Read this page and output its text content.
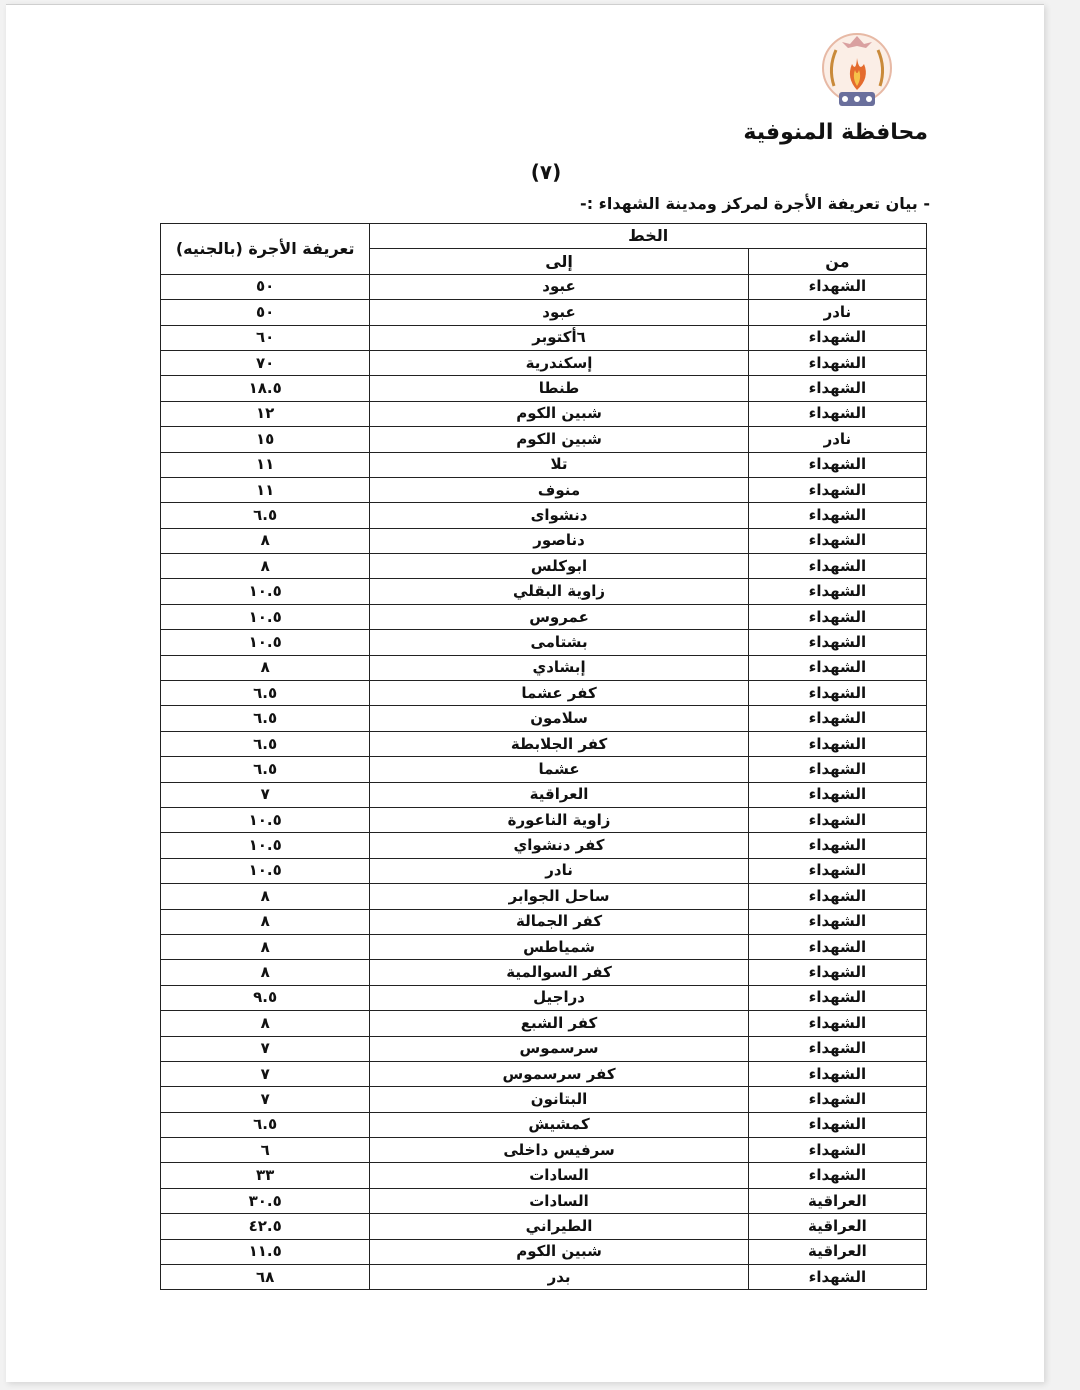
محافظة المنوفية
(٧)
- بيان تعريفة الأجرة لمركز ومدينة الشهداء :-
الخط		تعريفة الأجرة (بالجنيه)
من	إلى	
الشهداء	عبود	٥٠
نادر	عبود	٥٠
الشهداء	٦أكتوبر	٦٠
الشهداء	إسكندرية	٧٠
الشهداء	طنطا	١٨.٥
الشهداء	شبين الكوم	١٢
نادر	شبين الكوم	١٥
الشهداء	تلا	١١
الشهداء	منوف	١١
الشهداء	دنشواى	٦.٥
الشهداء	دناصور	٨
الشهداء	ابوكلس	٨
الشهداء	زاوية البقلي	١٠.٥
الشهداء	عمروس	١٠.٥
الشهداء	بشتامى	١٠.٥
الشهداء	إبشادي	٨
الشهداء	كفر عشما	٦.٥
الشهداء	سلامون	٦.٥
الشهداء	كفر الجلابطة	٦.٥
الشهداء	عشما	٦.٥
الشهداء	العراقية	٧
الشهداء	زاوية الناعورة	١٠.٥
الشهداء	كفر دنشواي	١٠.٥
الشهداء	نادر	١٠.٥
الشهداء	ساحل الجوابر	٨
الشهداء	كفر الجمالة	٨
الشهداء	شمياطس	٨
الشهداء	كفر السوالمية	٨
الشهداء	دراجيل	٩.٥
الشهداء	كفر الشبع	٨
الشهداء	سرسموس	٧
الشهداء	كفر سرسموس	٧
الشهداء	البتانون	٧
الشهداء	كمشيش	٦.٥
الشهداء	سرفيس داخلى	٦
الشهداء	السادات	٣٣
العراقية	السادات	٣٠.٥
العراقية	الطيراني	٤٢.٥
العراقية	شبين الكوم	١١.٥
الشهداء	بدر	٦٨
